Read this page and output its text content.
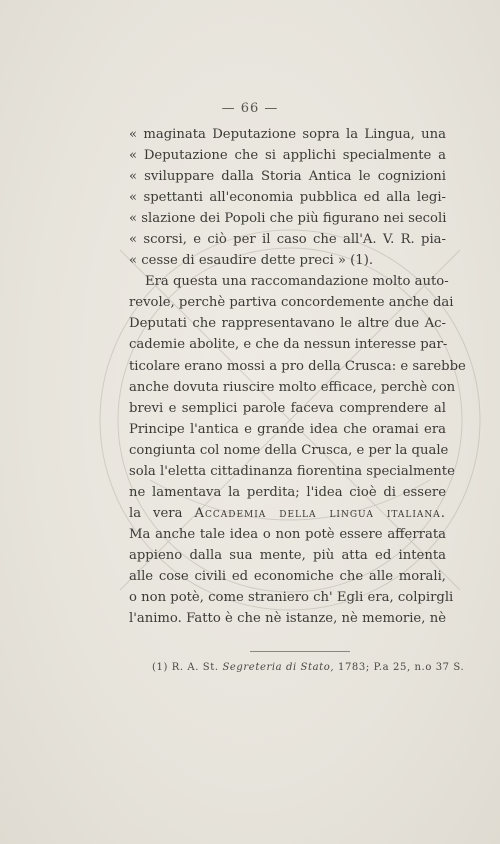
— 66 —
« maginata Deputazione sopra la Lingua, una
« Deputazione che si applichi specialmente a
« sviluppare dalla Storia Antica le cognizioni
« spettanti all'economia pubblica ed alla legi-
« slazione dei Popoli che più figurano nei secoli
« scorsi, e ciò per il caso che all'A. V. R. pia-
« cesse di esaudire dette preci » (1).
Era questa una raccomandazione molto auto-
revole, perchè partiva concordemente anche dai
Deputati che rappresentavano le altre due Ac-
cademie abolite, e che da nessun interesse par-
ticolare erano mossi a pro della Crusca: e sarebbe
anche dovuta riuscire molto efficace, perchè con
brevi e semplici parole faceva comprendere al
Principe l'antica e grande idea che oramai era
congiunta col nome della Crusca, e per la quale
sola l'eletta cittadinanza fiorentina specialmente
ne lamentava la perdita; l'idea cioè di essere
la vera Accademia della lingua italiana.
Ma anche tale idea o non potè essere afferrata
appieno dalla sua mente, più atta ed intenta
alle cose civili ed economiche che alle morali,
o non potè, come straniero ch' Egli era, colpirgli
l'animo. Fatto è che nè istanze, nè memorie, nè
(1) R. A. St. Segreteria di Stato, 1783; P.a 25, n.o 37 S.
